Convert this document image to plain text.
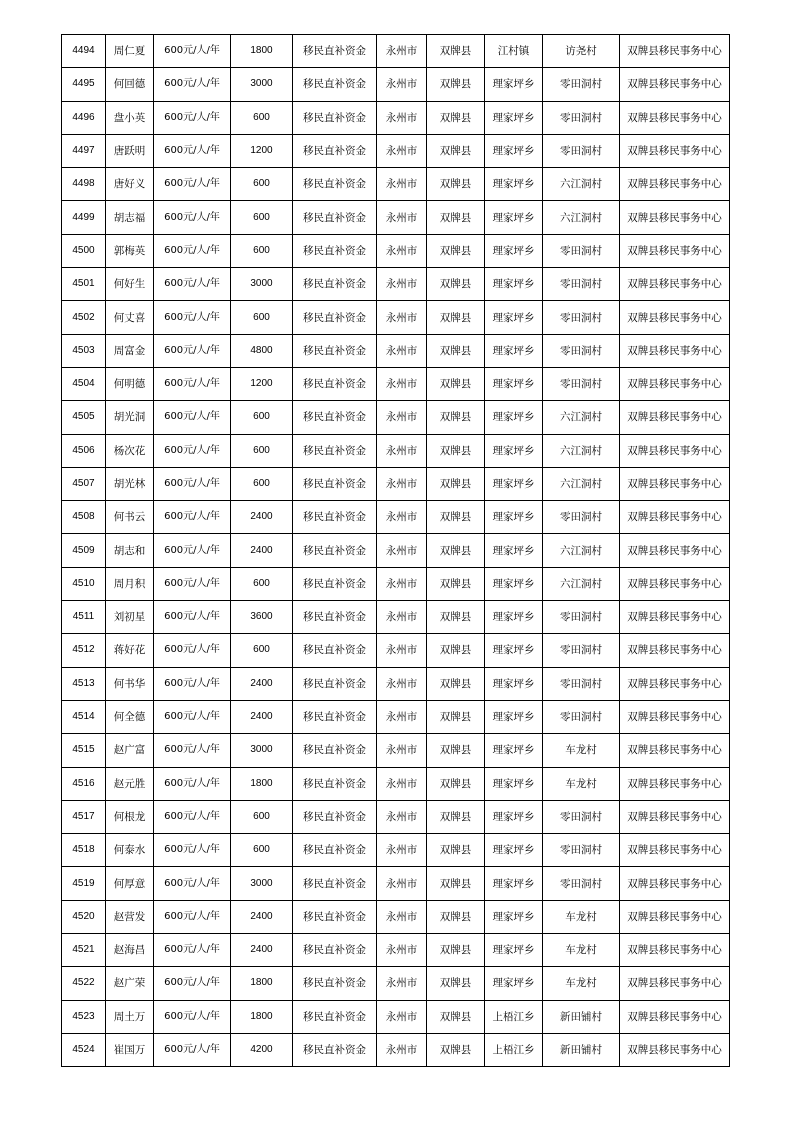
4494	周仁夏	600元/人/年	1800	移民直补资金	永州市	双牌县	江村镇	访尧村	双牌县移民事务中心
4495	何回德	600元/人/年	3000	移民直补资金	永州市	双牌县	理家坪乡	零田洞村	双牌县移民事务中心
4496	盘小英	600元/人/年	600	移民直补资金	永州市	双牌县	理家坪乡	零田洞村	双牌县移民事务中心
4497	唐跃明	600元/人/年	1200	移民直补资金	永州市	双牌县	理家坪乡	零田洞村	双牌县移民事务中心
4498	唐好义	600元/人/年	600	移民直补资金	永州市	双牌县	理家坪乡	六江洞村	双牌县移民事务中心
4499	胡志福	600元/人/年	600	移民直补资金	永州市	双牌县	理家坪乡	六江洞村	双牌县移民事务中心
4500	郭梅英	600元/人/年	600	移民直补资金	永州市	双牌县	理家坪乡	零田洞村	双牌县移民事务中心
4501	何好生	600元/人/年	3000	移民直补资金	永州市	双牌县	理家坪乡	零田洞村	双牌县移民事务中心
4502	何丈喜	600元/人/年	600	移民直补资金	永州市	双牌县	理家坪乡	零田洞村	双牌县移民事务中心
4503	周富金	600元/人/年	4800	移民直补资金	永州市	双牌县	理家坪乡	零田洞村	双牌县移民事务中心
4504	何明德	600元/人/年	1200	移民直补资金	永州市	双牌县	理家坪乡	零田洞村	双牌县移民事务中心
4505	胡光洞	600元/人/年	600	移民直补资金	永州市	双牌县	理家坪乡	六江洞村	双牌县移民事务中心
4506	杨次花	600元/人/年	600	移民直补资金	永州市	双牌县	理家坪乡	六江洞村	双牌县移民事务中心
4507	胡光林	600元/人/年	600	移民直补资金	永州市	双牌县	理家坪乡	六江洞村	双牌县移民事务中心
4508	何书云	600元/人/年	2400	移民直补资金	永州市	双牌县	理家坪乡	零田洞村	双牌县移民事务中心
4509	胡志和	600元/人/年	2400	移民直补资金	永州市	双牌县	理家坪乡	六江洞村	双牌县移民事务中心
4510	周月积	600元/人/年	600	移民直补资金	永州市	双牌县	理家坪乡	六江洞村	双牌县移民事务中心
4511	刘初星	600元/人/年	3600	移民直补资金	永州市	双牌县	理家坪乡	零田洞村	双牌县移民事务中心
4512	蒋好花	600元/人/年	600	移民直补资金	永州市	双牌县	理家坪乡	零田洞村	双牌县移民事务中心
4513	何书华	600元/人/年	2400	移民直补资金	永州市	双牌县	理家坪乡	零田洞村	双牌县移民事务中心
4514	何全德	600元/人/年	2400	移民直补资金	永州市	双牌县	理家坪乡	零田洞村	双牌县移民事务中心
4515	赵广富	600元/人/年	3000	移民直补资金	永州市	双牌县	理家坪乡	车龙村	双牌县移民事务中心
4516	赵元胜	600元/人/年	1800	移民直补资金	永州市	双牌县	理家坪乡	车龙村	双牌县移民事务中心
4517	何根龙	600元/人/年	600	移民直补资金	永州市	双牌县	理家坪乡	零田洞村	双牌县移民事务中心
4518	何泰水	600元/人/年	600	移民直补资金	永州市	双牌县	理家坪乡	零田洞村	双牌县移民事务中心
4519	何厚意	600元/人/年	3000	移民直补资金	永州市	双牌县	理家坪乡	零田洞村	双牌县移民事务中心
4520	赵营发	600元/人/年	2400	移民直补资金	永州市	双牌县	理家坪乡	车龙村	双牌县移民事务中心
4521	赵海昌	600元/人/年	2400	移民直补资金	永州市	双牌县	理家坪乡	车龙村	双牌县移民事务中心
4522	赵广荣	600元/人/年	1800	移民直补资金	永州市	双牌县	理家坪乡	车龙村	双牌县移民事务中心
4523	周土万	600元/人/年	1800	移民直补资金	永州市	双牌县	上梧江乡	新田铺村	双牌县移民事务中心
4524	崔国万	600元/人/年	4200	移民直补资金	永州市	双牌县	上梧江乡	新田铺村	双牌县移民事务中心
